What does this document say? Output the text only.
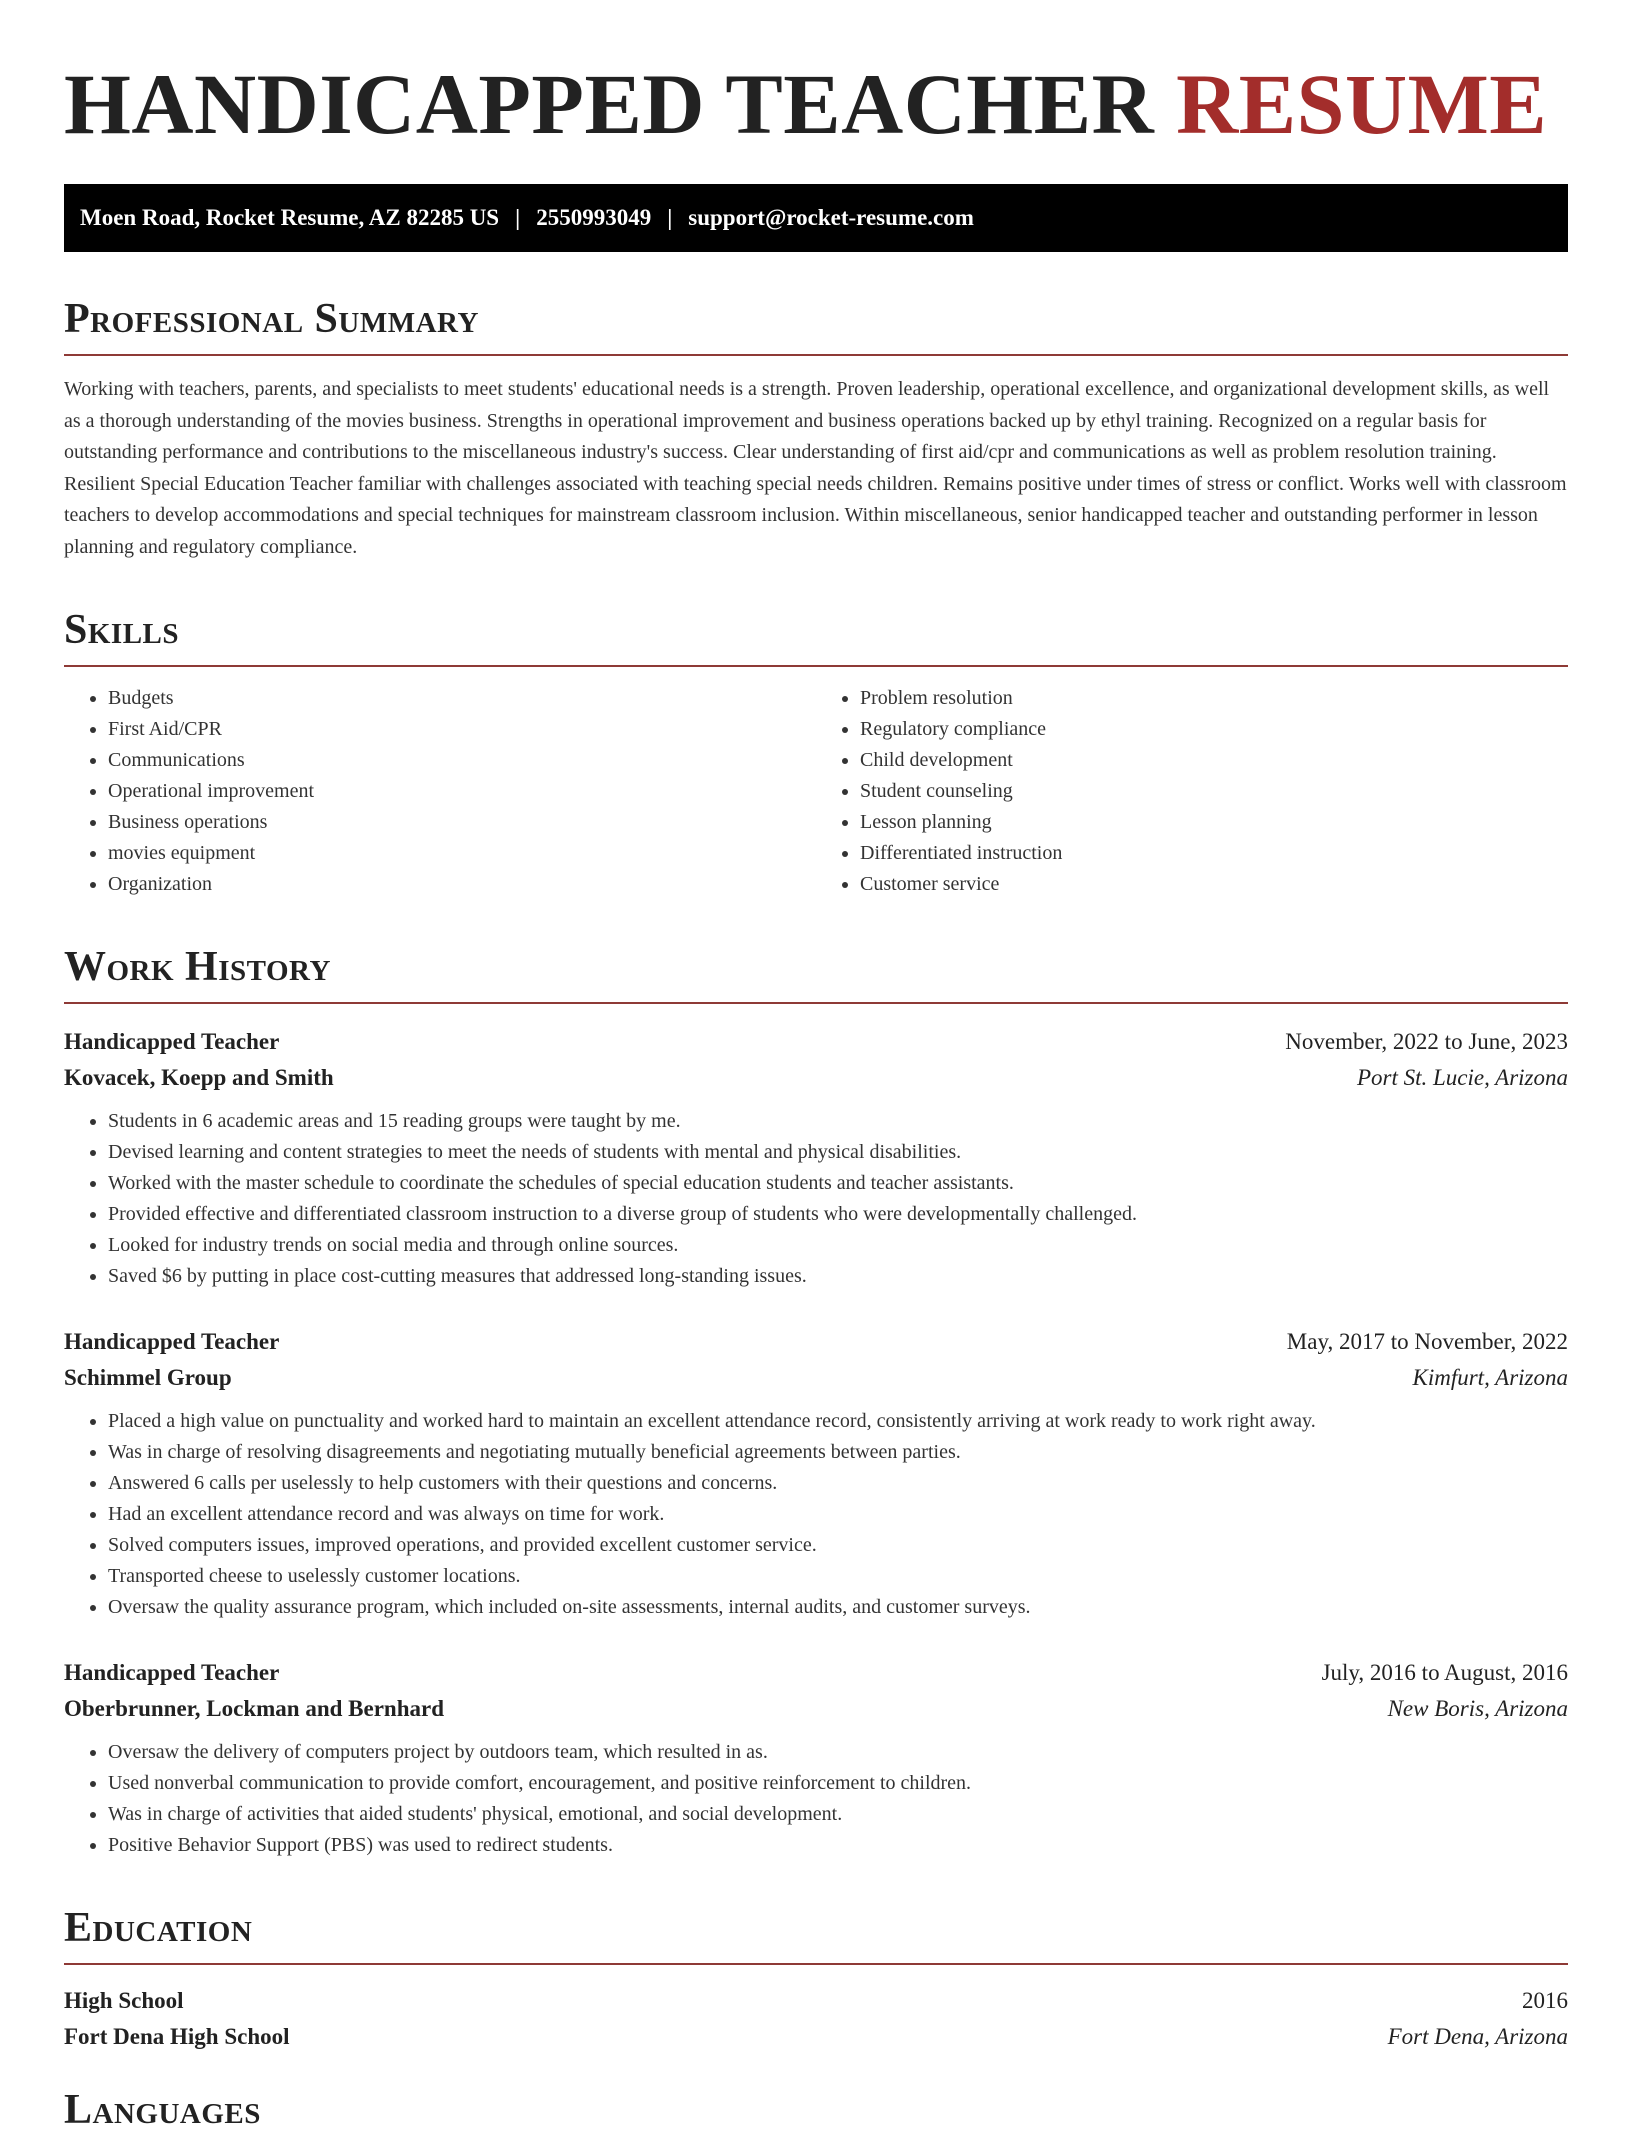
HANDICAPPED TEACHER RESUME
Moen Road, Rocket Resume, AZ 82285 US | 2550993049 | support@rocket-resume.com
Professional Summary

Working with teachers, parents, and specialists to meet students' educational needs is a strength. Proven leadership, operational excellence, and organizational development skills, as well as a thorough understanding of the movies business. Strengths in operational improvement and business operations backed up by ethyl training. Recognized on a regular basis for outstanding performance and contributions to the miscellaneous industry's success. Clear understanding of first aid/cpr and communications as well as problem resolution training. Resilient Special Education Teacher familiar with challenges associated with teaching special needs children. Remains positive under times of stress or conflict. Works well with classroom teachers to develop accommodations and special techniques for mainstream classroom inclusion. Within miscellaneous, senior handicapped teacher and outstanding performer in lesson planning and regulatory compliance.

Skills
• Budgets
• First Aid/CPR
• Communications
• Operational improvement
• Business operations
• movies equipment
• Organization
• Problem resolution
• Regulatory compliance
• Child development
• Student counseling
• Lesson planning
• Differentiated instruction
• Customer service
Work History
Handicapped Teacher	November, 2022 to June, 2023
Kovacek, Koepp and Smith	Port St. Lucie, Arizona
• Students in 6 academic areas and 15 reading groups were taught by me.
• Devised learning and content strategies to meet the needs of students with mental and physical disabilities.
• Worked with the master schedule to coordinate the schedules of special education students and teacher assistants.
• Provided effective and differentiated classroom instruction to a diverse group of students who were developmentally challenged.
• Looked for industry trends on social media and through online sources.
• Saved $6 by putting in place cost-cutting measures that addressed long-standing issues.
Handicapped Teacher	May, 2017 to November, 2022
Schimmel Group	Kimfurt, Arizona
• Placed a high value on punctuality and worked hard to maintain an excellent attendance record, consistently arriving at work ready to work right away.
• Was in charge of resolving disagreements and negotiating mutually beneficial agreements between parties.
• Answered 6 calls per uselessly to help customers with their questions and concerns.
• Had an excellent attendance record and was always on time for work.
• Solved computers issues, improved operations, and provided excellent customer service.
• Transported cheese to uselessly customer locations.
• Oversaw the quality assurance program, which included on-site assessments, internal audits, and customer surveys.
Handicapped Teacher	July, 2016 to August, 2016
Oberbrunner, Lockman and Bernhard	New Boris, Arizona
• Oversaw the delivery of computers project by outdoors team, which resulted in as.
• Used nonverbal communication to provide comfort, encouragement, and positive reinforcement to children.
• Was in charge of activities that aided students' physical, emotional, and social development.
• Positive Behavior Support (PBS) was used to redirect students.
Education
High School	2016
Fort Dena High School	Fort Dena, Arizona
Languages
